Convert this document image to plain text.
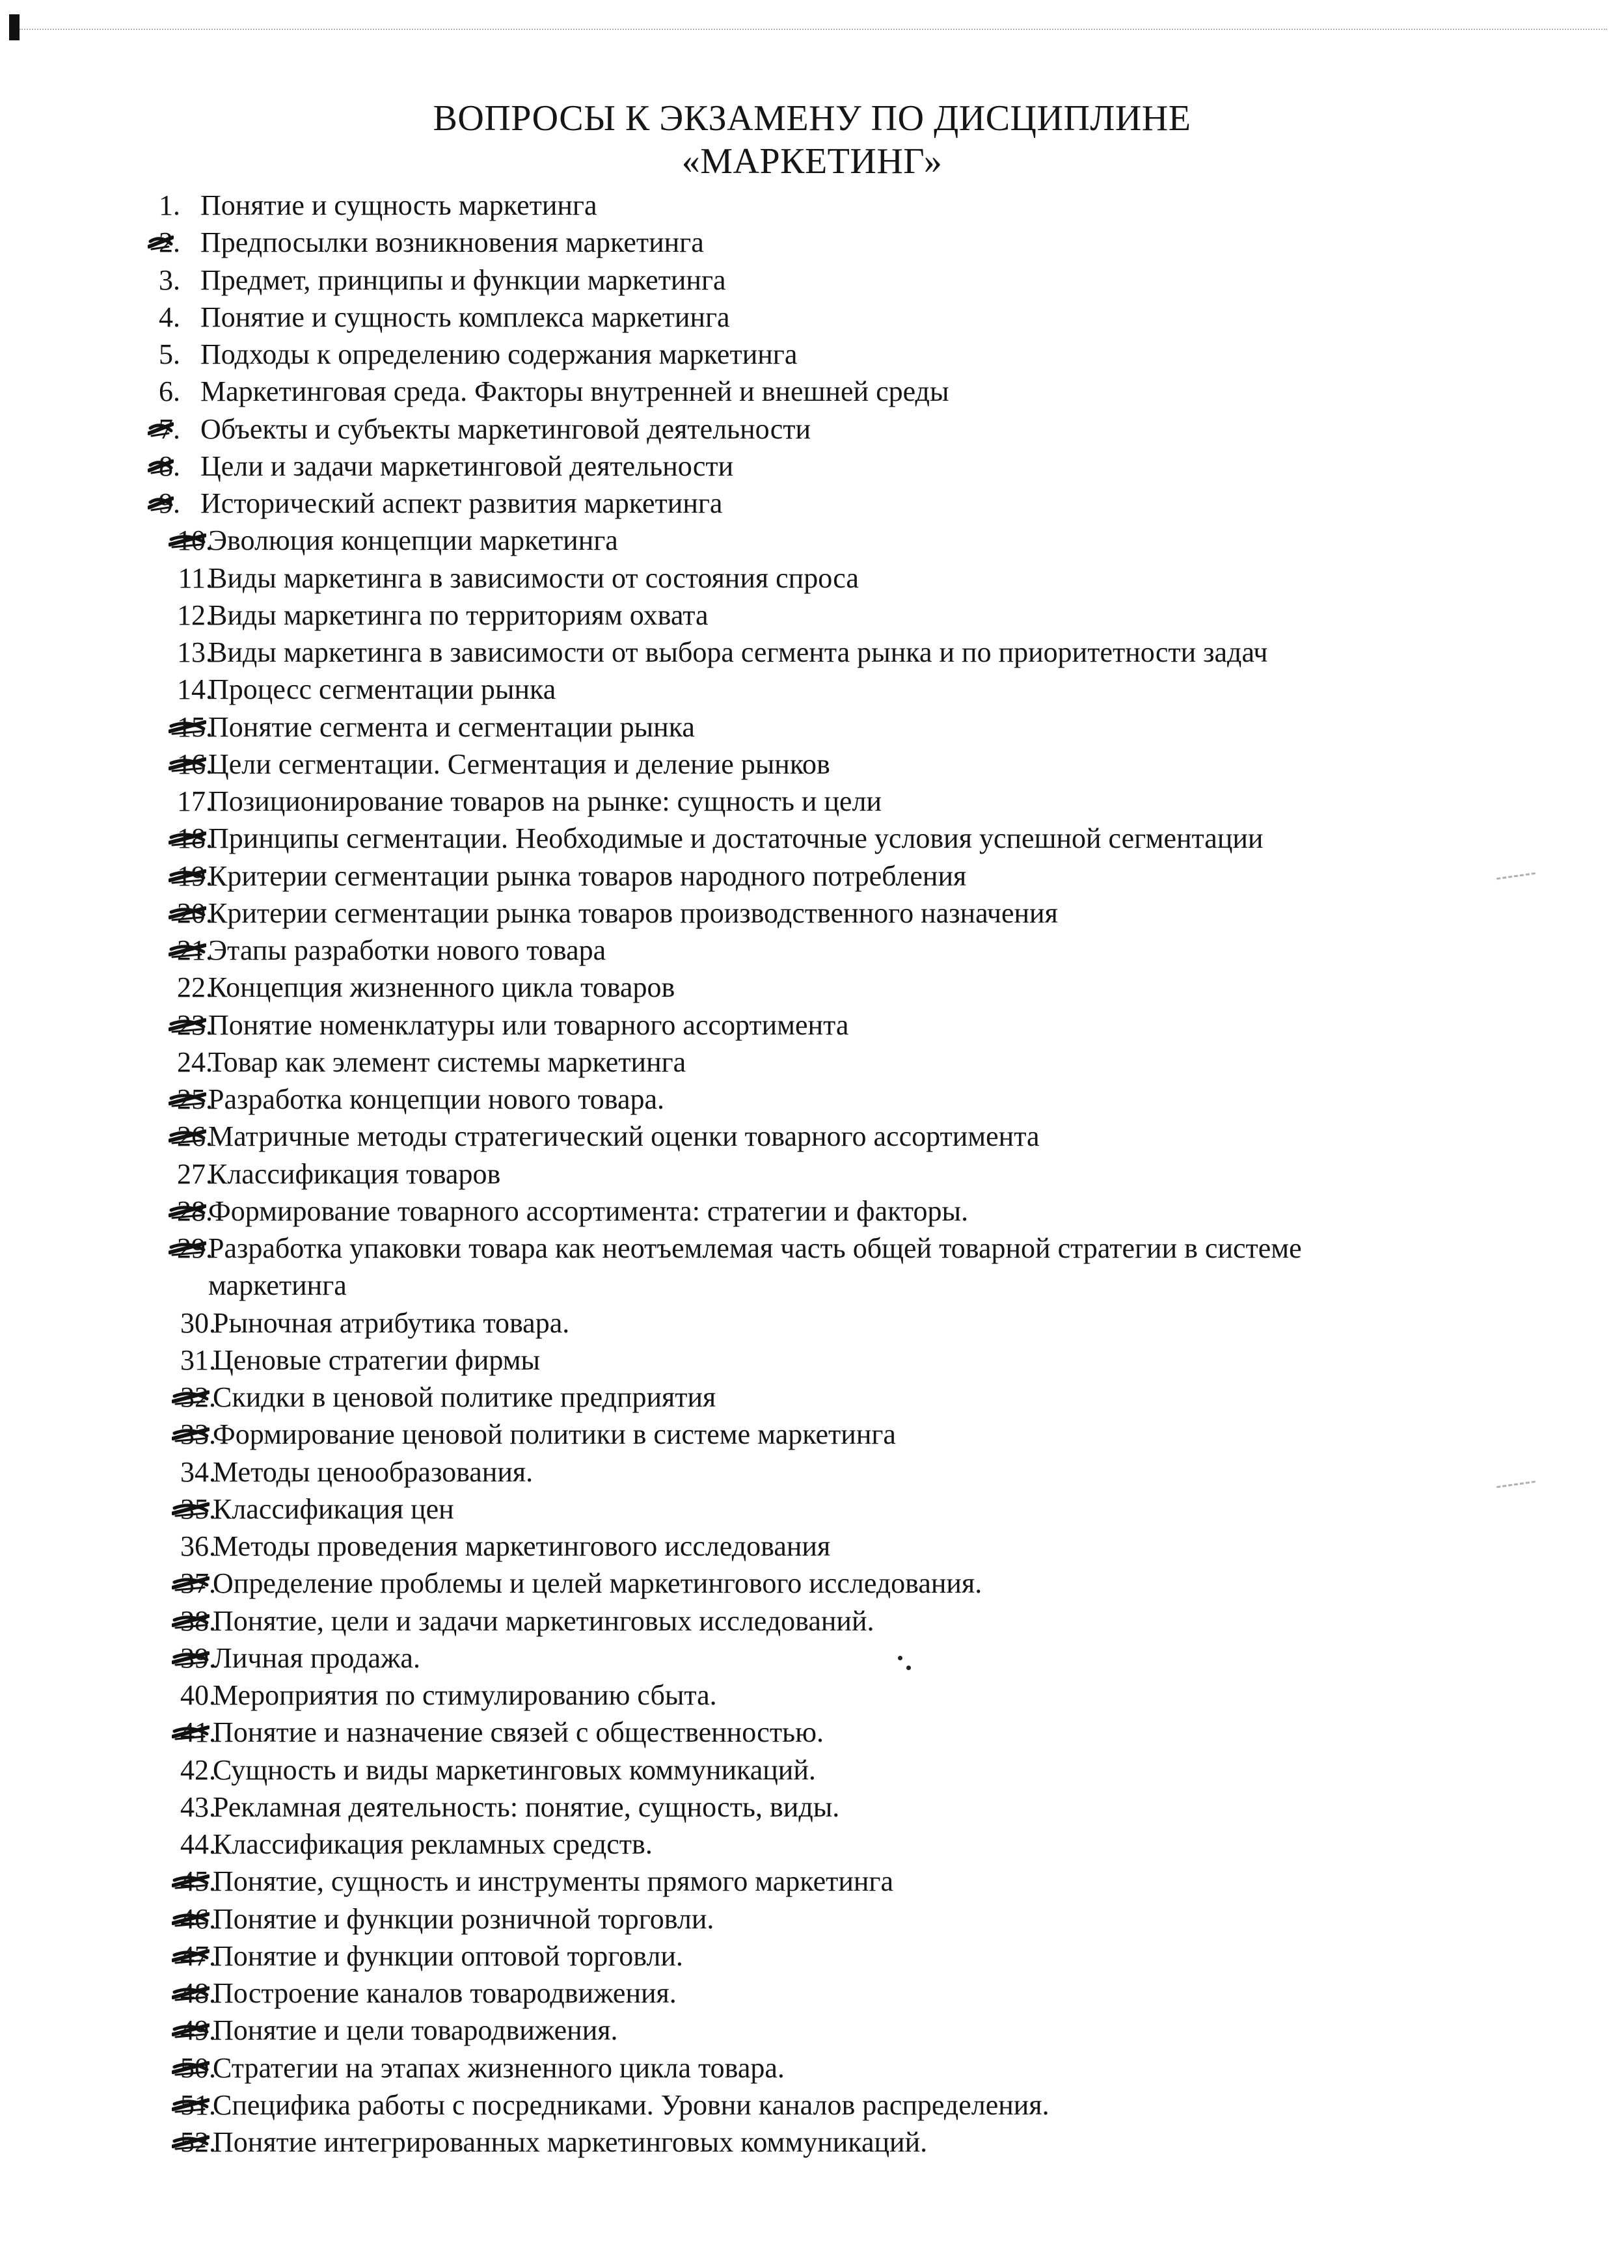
ВОПРОСЫ К ЭКЗАМЕНУ ПО ДИСЦИПЛИНЕ
«МАРКЕТИНГ»
1. Понятие и сущность маркетинга
2. Предпосылки возникновения маркетинга
3. Предмет, принципы и функции маркетинга
4. Понятие и сущность комплекса маркетинга
5. Подходы к определению содержания маркетинга
6. Маркетинговая среда. Факторы внутренней и внешней среды
7. Объекты и субъекты маркетинговой деятельности
8. Цели и задачи маркетинговой деятельности
9. Исторический аспект развития маркетинга
10.
Эволюция концепции маркетинга
11.
Виды маркетинга в зависимости от состояния спроса
12.
Виды маркетинга по территориям охвата
13.
Виды маркетинга в зависимости от выбора сегмента рынка и по приоритетности задач
14.
Процесс сегментации рынка
15.
Понятие сегмента и сегментации рынка
16.
Цели сегментации. Сегментация и деление рынков
17.
Позиционирование товаров на рынке: сущность и цели
18.
Принципы сегментации. Необходимые и достаточные условия успешной сегментации
19.
Критерии сегментации рынка товаров народного потребления
20.
Критерии сегментации рынка товаров производственного назначения
21.
Этапы разработки нового товара
22.
Концепция жизненного цикла товаров
23.
Понятие номенклатуры или товарного ассортимента
24.
Товар как элемент системы маркетинга
25.
Разработка концепции нового товара.
26.
Матричные методы стратегический оценки товарного ассортимента
27.
Классификация товаров
28.
Формирование товарного ассортимента: стратегии и факторы.
29.
Разработка упаковки товара как неотъемлемая часть общей товарной стратегии в системе
маркетинга
30.
Рыночная атрибутика товара.
31.
Ценовые стратегии фирмы
32.
Скидки в ценовой политике предприятия
33.
Формирование ценовой политики в системе маркетинга
34.
Методы ценообразования.
35.
Классификация цен
36.
Методы проведения маркетингового исследования
37.
Определение проблемы и целей маркетингового исследования.
38.
Понятие, цели и задачи маркетинговых исследований.
39.
Личная продажа.
40.
Мероприятия по стимулированию сбыта.
41.
Понятие и назначение связей с общественностью.
42.
Сущность и виды маркетинговых коммуникаций.
43.
Рекламная деятельность: понятие, сущность, виды.
44.
Классификация рекламных средств.
45.
Понятие, сущность и инструменты прямого маркетинга
46.
Понятие и функции розничной торговли.
47.
Понятие и функции оптовой торговли.
48.
Построение каналов товародвижения.
49.
Понятие и цели товародвижения.
50.
Стратегии на этапах жизненного цикла товара.
51.
Специфика работы с посредниками. Уровни каналов распределения.
52.
Понятие интегрированных маркетинговых коммуникаций.
